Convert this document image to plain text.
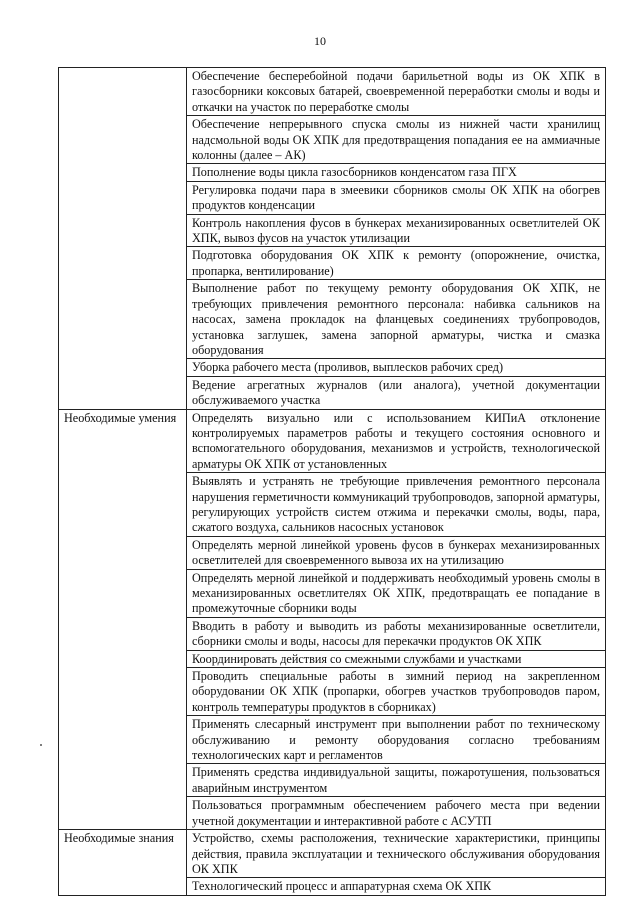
10
	Обеспечение бесперебойной подачи барильетной воды из ОК ХПК в газосборники коксовых батарей, своевременной переработки смолы и воды и откачки на участок по переработке смолы
	Обеспечение непрерывного спуска смолы из нижней части хранилищ надсмольной воды ОК ХПК для предотвращения попадания ее на аммиачные колонны (далее – АК)
	Пополнение воды цикла газосборников конденсатом газа ПГХ
	Регулировка подачи пара в змеевики сборников смолы ОК ХПК на обогрев продуктов конденсации
	Контроль накопления фусов в бункерах механизированных осветлителей ОК ХПК, вывоз фусов на участок утилизации
	Подготовка оборудования ОК ХПК к ремонту (опорожнение, очистка, пропарка, вентилирование)
	Выполнение работ по текущему ремонту оборудования ОК ХПК, не требующих привлечения ремонтного персонала: набивка сальников на насосах, замена прокладок на фланцевых соединениях трубопроводов, установка заглушек, замена запорной арматуры, чистка и смазка оборудования
	Уборка рабочего места (проливов, выплесков рабочих сред)
	Ведение агрегатных журналов (или аналога), учетной документации обслуживаемого участка
Необходимые умения	Определять визуально или с использованием КИПиА отклонение контролируемых параметров работы и текущего состояния основного и вспомогательного оборудования, механизмов и устройств, технологической арматуры ОК ХПК от установленных
	Выявлять и устранять не требующие привлечения ремонтного персонала нарушения герметичности коммуникаций трубопроводов, запорной арматуры, регулирующих устройств систем отжима и перекачки смолы, воды, пара, сжатого воздуха, сальников насосных установок
	Определять мерной линейкой уровень фусов в бункерах механизированных осветлителей для своевременного вывоза их на утилизацию
	Определять мерной линейкой и поддерживать необходимый уровень смолы в механизированных осветлителях ОК ХПК, предотвращать ее попадание в промежуточные сборники воды
	Вводить в работу и выводить из работы механизированные осветлители, сборники смолы и воды, насосы для перекачки продуктов ОК ХПК
	Координировать действия со смежными службами и участками
	Проводить специальные работы в зимний период на закрепленном оборудовании ОК ХПК (пропарки, обогрев участков трубопроводов паром, контроль температуры продуктов в сборниках)
	Применять слесарный инструмент при выполнении работ по техническому обслуживанию и ремонту оборудования согласно требованиям технологических карт и регламентов
	Применять средства индивидуальной защиты, пожаротушения, пользоваться аварийным инструментом
	Пользоваться программным обеспечением рабочего места при ведении учетной документации и интерактивной работе с АСУТП
Необходимые знания	Устройство, схемы расположения, технические характеристики, принципы действия, правила эксплуатации и технического обслуживания оборудования ОК ХПК
	Технологический процесс и аппаратурная схема ОК ХПК
